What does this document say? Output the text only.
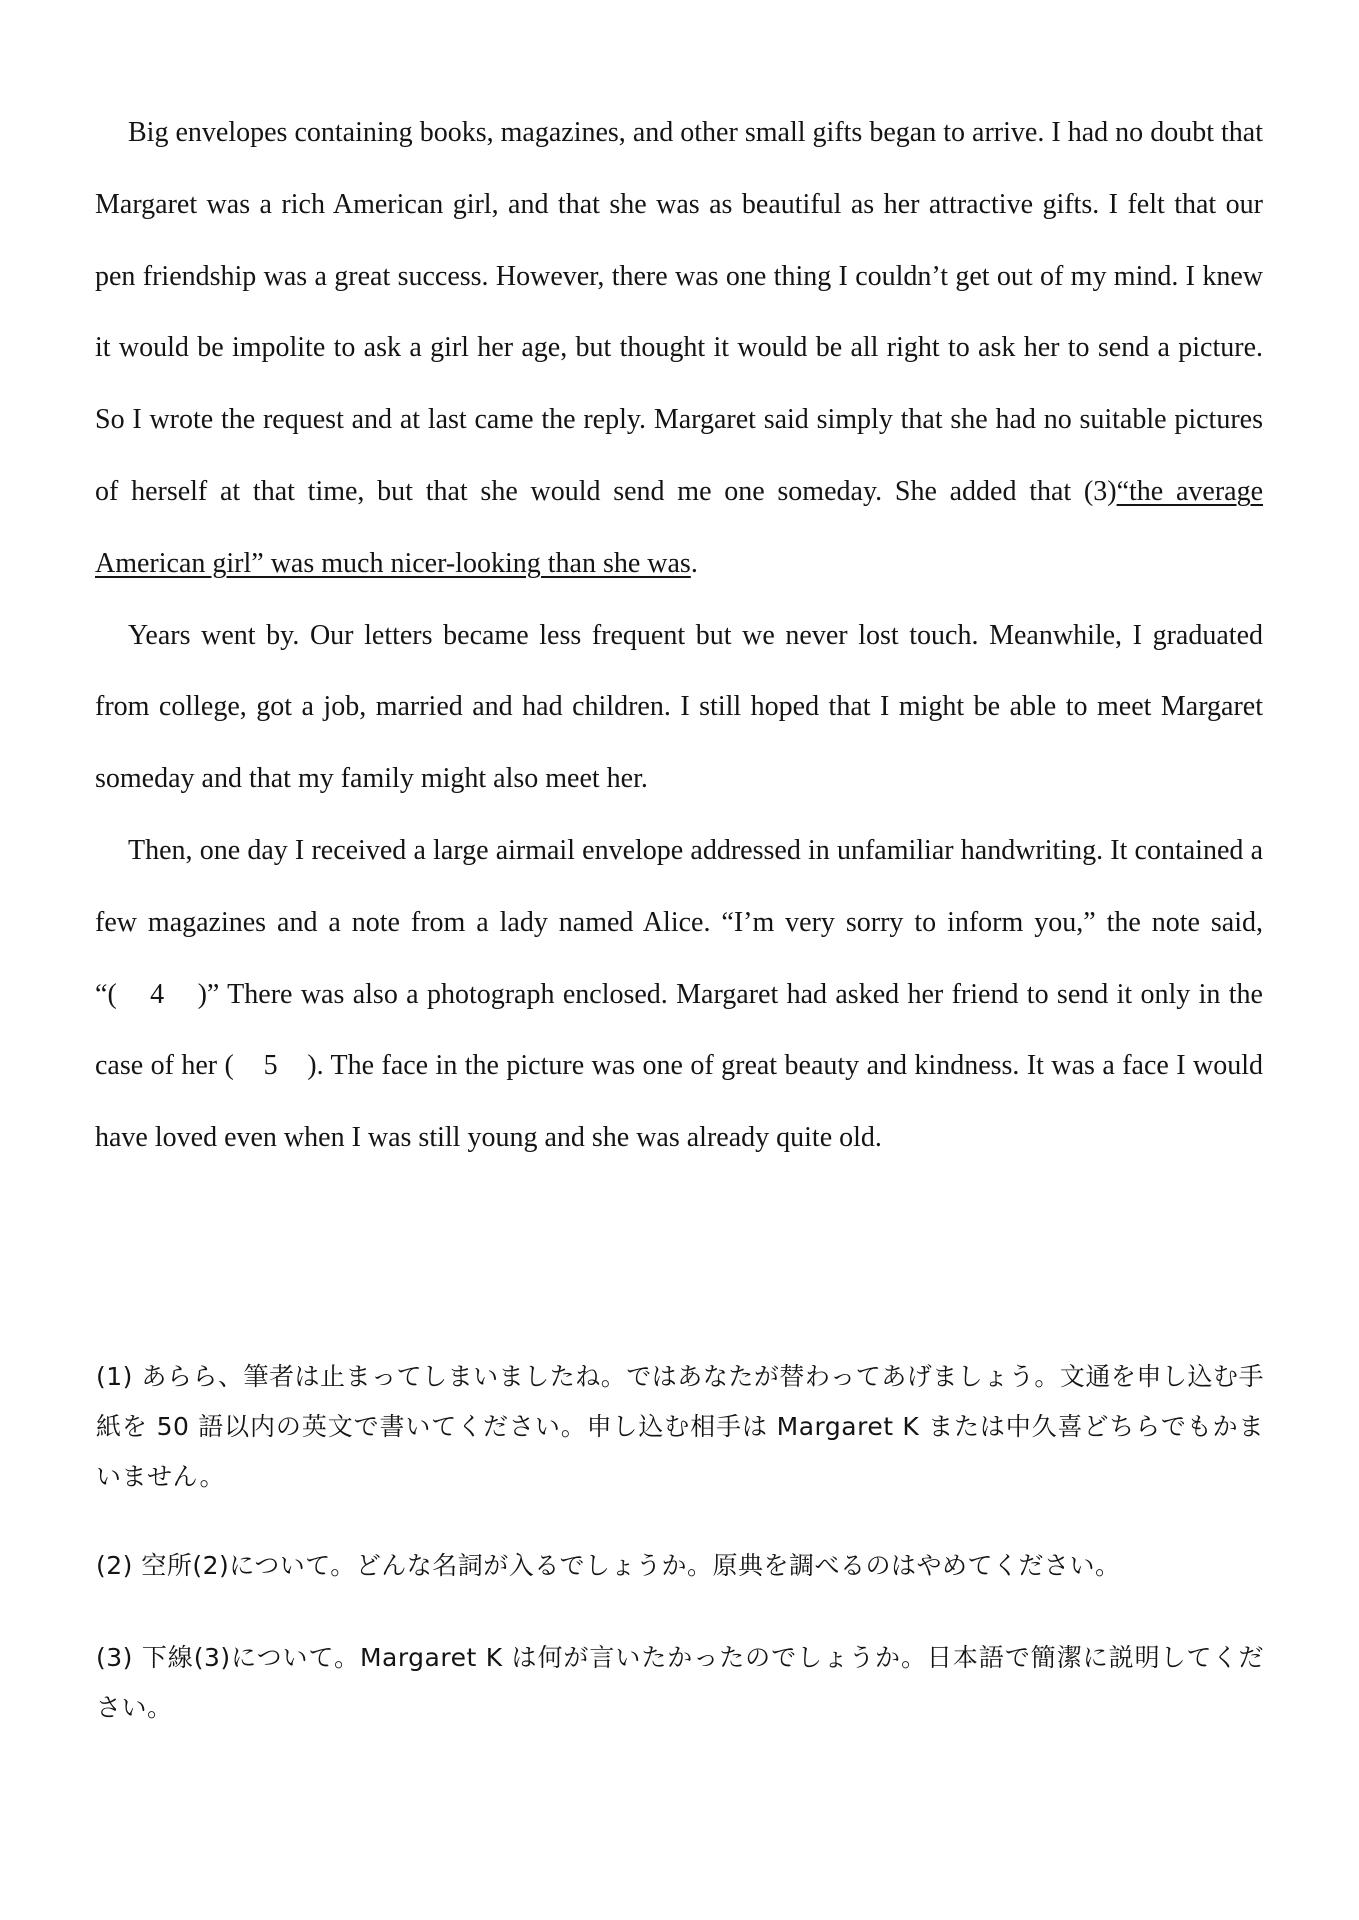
Big envelopes containing books, magazines, and other small gifts began to arrive. I had no doubt that Margaret was a rich American girl, and that she was as beautiful as her attractive gifts. I felt that our pen friendship was a great success. However, there was one thing I couldn’t get out of my mind. I knew it would be impolite to ask a girl her age, but thought it would be all right to ask her to send a picture. So I wrote the request and at last came the reply. Margaret said simply that she had no suitable pictures of herself at that time, but that she would send me one someday. She added that (3)“the average American girl” was much nicer-looking than she was.

Years went by. Our letters became less frequent but we never lost touch. Meanwhile, I graduated from college, got a job, married and had children. I still hoped that I might be able to meet Margaret someday and that my family might also meet her.

Then, one day I received a large airmail envelope addressed in unfamiliar handwriting. It contained a few magazines and a note from a lady named Alice. “I’m very sorry to inform you,” the note said, “(    4    )” There was also a photograph enclosed. Margaret had asked her friend to send it only in the case of her (    5    ). The face in the picture was one of great beauty and kindness. It was a face I would have loved even when I was still young and she was already quite old.

(1) あらら、筆者は止まってしまいましたね。ではあなたが替わってあげましょう。文通を申し込む手紙を 50 語以内の英文で書いてください。申し込む相手は Margaret K または中久喜どちらでもかまいません。
(2) 空所(2)について。どんな名詞が入るでしょうか。原典を調べるのはやめてください。
(3) 下線(3)について。Margaret K は何が言いたかったのでしょうか。日本語で簡潔に説明してください。
